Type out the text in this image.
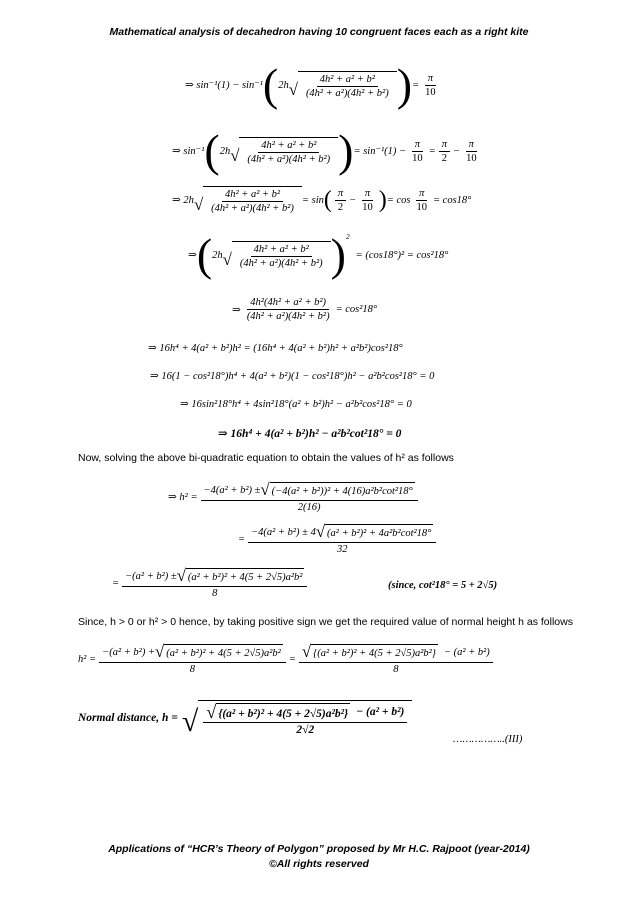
Mathematical analysis of decahedron having 10 congruent faces each as a right kite
⇒ sin⁻¹(1) − sin⁻¹ ( 2h √ $\frac{\text{4h² + a² + b²}}{\text{(4h² + a²)(4h² + b²)}}$ ) = $\frac{\pi}{10}$
⇒ sin⁻¹ ( 2h √ $\frac{\text{4h² + a² + b²}}{\text{(4h² + a²)(4h² + b²)}}$ ) = $\sin^{-1}(1) - \frac{\pi}{10} = \frac{\pi}{2} - \frac{\pi}{10}$
⇒ 2h √ $\frac{\text{4h² + a² + b²}}{\text{(4h² + a²)(4h² + b²)}} = \sin$ ( $\frac{\pi}{2} - \frac{\pi}{10}$ ) = $\cos \frac{\pi}{10} = \cos 18^\circ$
⇒ ( 2h √ $\frac{\text{4h² + a² + b²}}{\text{(4h² + a²)(4h² + b²)}} )^2$
= (cos18°)² = cos²18°
⇒ $\frac{\text{4h²(4h² + a² + b²)}}{\text{(4h² + a²)(4h² + b²)}} = \cos^218^\circ$
⇒ 16h⁴ + 4(a² + b²)h² = (16h⁴ + 4(a² + b²)h² + a²b²)cos²18°
⇒ 16(1 − cos²18°)h⁴ + 4(a² + b²)(1 − cos²18°)h² − a²b²cos²18° = 0
⇒ 16sin²18°h⁴ + 4sin²18°(a² + b²)h² − a²b²cos²18° = 0
⇒ 16h⁴ + 4(a² + b²)h² − a²b²cot²18° = 0
Now, solving the above bi-quadratic equation to obtain the values of h² as follows
⇒ $h^2 = \frac{\text{−4(a² + b²) ± √ (−4(a² + b²))² + 4(16)a²b²cot²18°}}{2(16)}$
= $\frac{\text{−4(a² + b²) ± 4 √ (a² + b²)² + 4a²b²cot²18°}}{32}$
= $\frac{\text{−(a² + b²) ± √ (a² + b²)² + 4(5 + 2√5)a²b²}}{8}$	(since, cot²18° = 5 + 2√5)
Since, h > 0 or h² > 0 hence, by taking positive sign we get the required value of normal height h as follows
$h^2 = \frac{\text{−(a² + b²) + √ (a² + b²)² + 4(5 + 2√5)a²b²}}{8} = \frac{\text{√ \{(a² + b²)² + 4(5 + 2√5)a²b²\} − (a² + b²)}}{8}$
Normal distance, h = √ $\frac{\text{√ \{(a² + b²)² + 4(5 + 2√5)a²b²\} − (a² + b²)}}{2√2}$
……………..(III)
Applications of “HCR’s Theory of Polygon” proposed by Mr H.C. Rajpoot (year-2014)
©All rights reserved
